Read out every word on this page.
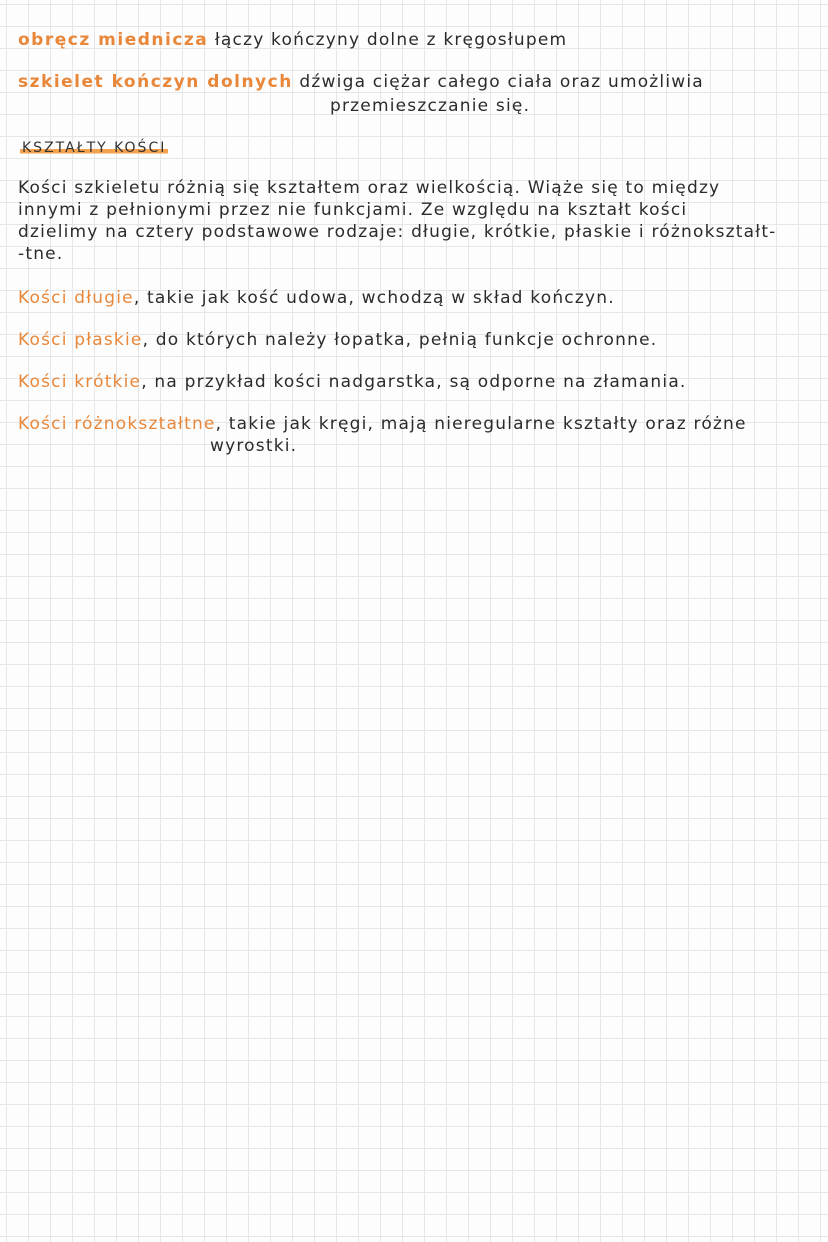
obręcz miednicza łączy kończyny dolne z kręgosłupem
szkielet kończyn dolnych dźwiga ciężar całego ciała oraz umożliwia
przemieszczanie się.
KSZTAŁTY KOŚCI
Kości szkieletu różnią się kształtem oraz wielkością. Wiąże się to między
innymi z pełnionymi przez nie funkcjami. Ze względu na kształt kości
dzielimy na cztery podstawowe rodzaje: długie, krótkie, płaskie i różnokształt-
-tne.
Kości długie, takie jak kość udowa, wchodzą w skład kończyn.
Kości płaskie, do których należy łopatka, pełnią funkcje ochronne.
Kości krótkie, na przykład kości nadgarstka, są odporne na złamania.
Kości różnokształtne, takie jak kręgi, mają nieregularne kształty oraz różne
wyrostki.
